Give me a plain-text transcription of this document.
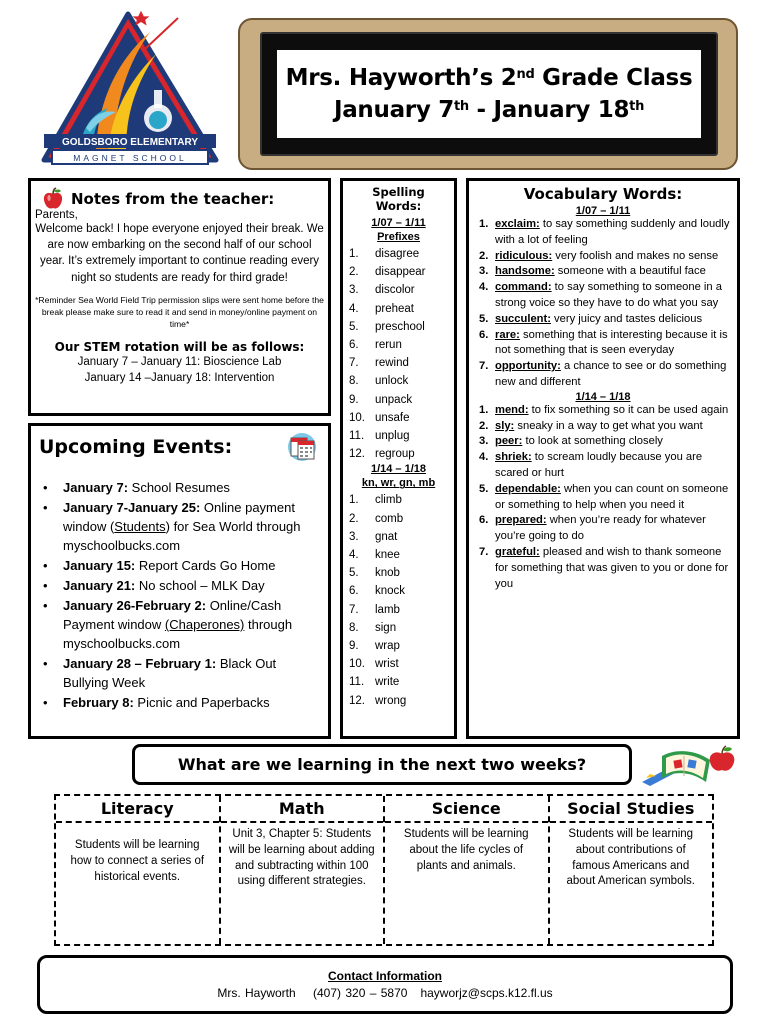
GOLDSBORO ELEMENTARY
MAGNET SCHOOL
Mrs. Hayworth’s 2nd Grade Class
January 7th - January 18th
Notes from the teacher:
Parents,
Welcome back! I hope everyone enjoyed their break. We are now embarking on the second half of our school year. It’s extremely important to continue reading every night so students are ready for third grade!
*Reminder Sea World Field Trip permission slips were sent home before the break please make sure to read it and send in money/online payment on time*
Our STEM rotation will be as follows:
January 7 – January 11: Bioscience Lab
January 14 –January 18: Intervention
Upcoming Events:
• January 7: School Resumes
• January 7-January 25: Online payment window (Students) for Sea World through myschoolbucks.com
• January 15: Report Cards Go Home
• January 21: No school – MLK Day
• January 26-February 2: Online/Cash Payment window (Chaperones) through myschoolbucks.com
• January 28 – February 1: Black Out Bullying Week
• February 8: Picnic and Paperbacks
Spelling Words:
1/07 – 1/11
Prefixes
1.	disagree
2.	disappear
3.	discolor
4.	preheat
5.	preschool
6.	rerun
7.	rewind
8.	unlock
9.	unpack
10. unsafe
11. unplug
12. regroup
1/14 – 1/18
kn, wr, gn, mb
1.	climb
2.	comb
3.	gnat
4.	knee
5.	knob
6.	knock
7.	lamb
8.	sign
9.	wrap
10. wrist
11. write
12. wrong
Vocabulary Words:
1/07 – 1/11
1. exclaim: to say something suddenly and loudly with a lot of feeling
2. ridiculous: very foolish and makes no sense
3. handsome: someone with a beautiful face
4. command: to say something to someone in a strong voice so they have to do what you say
5. succulent: very juicy and tastes delicious
6. rare: something that is interesting because it is not something that is seen everyday
7. opportunity: a chance to see or do something new and different
1/14 – 1/18
1. mend: to fix something so it can be used again
2. sly: sneaky in a way to get what you want
3. peer: to look at something closely
4. shriek: to scream loudly because you are scared or hurt
5. dependable: when you can count on someone or something to help when you need it
6. prepared: when you’re ready for whatever you’re going to do
7. grateful: pleased and wish to thank someone for something that was given to you or done for you
What are we learning in the next two weeks?
Literacy
Students will be learning how to connect a series of historical events.
Math
Unit 3, Chapter 5: Students will be learning about adding and subtracting within 100 using different strategies.
Science
Students will be learning about the life cycles of plants and animals.
Social Studies
Students will be learning about contributions of famous Americans and about American symbols.
Contact Information
Mrs. Hayworth (407) 320 – 5870 hayworjz@scps.k12.fl.us
